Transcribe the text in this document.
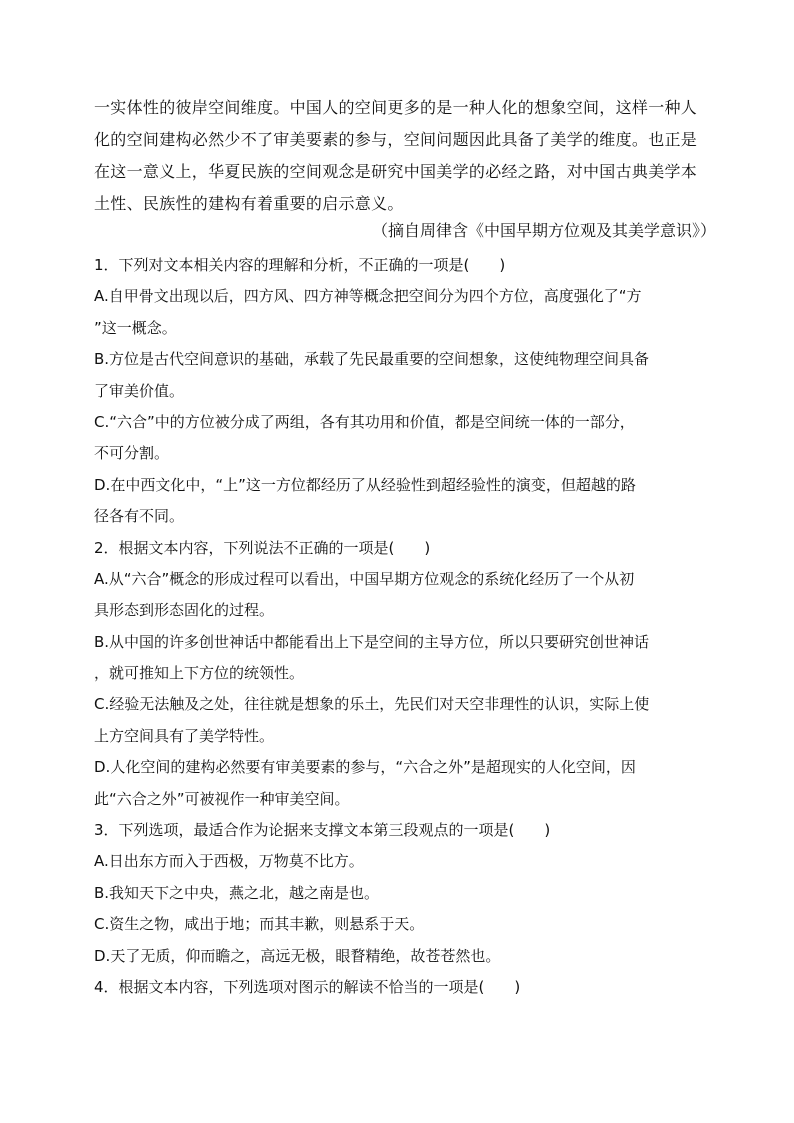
一实体性的彼岸空间维度。中国人的空间更多的是一种人化的想象空间，这样一种人
化的空间建构必然少不了审美要素的参与，空间问题因此具备了美学的维度。也正是
在这一意义上，华夏民族的空间观念是研究中国美学的必经之路，对中国古典美学本
土性、民族性的建构有着重要的启示意义。
（摘自周律含《中国早期方位观及其美学意识》）
1．下列对文本相关内容的理解和分析，不正确的一项是(　　)
A.自甲骨文出现以后，四方风、四方神等概念把空间分为四个方位，高度强化了“方
”这一概念。
B.方位是古代空间意识的基础，承载了先民最重要的空间想象，这使纯物理空间具备
了审美价值。
C.“六合”中的方位被分成了两组，各有其功用和价值，都是空间统一体的一部分，
不可分割。
D.在中西文化中，“上”这一方位都经历了从经验性到超经验性的演变，但超越的路
径各有不同。
2．根据文本内容，下列说法不正确的一项是(　　)
A.从“六合”概念的形成过程可以看出，中国早期方位观念的系统化经历了一个从初
具形态到形态固化的过程。
B.从中国的许多创世神话中都能看出上下是空间的主导方位，所以只要研究创世神话
，就可推知上下方位的统领性。
C.经验无法触及之处，往往就是想象的乐土，先民们对天空非理性的认识，实际上使
上方空间具有了美学特性。
D.人化空间的建构必然要有审美要素的参与，“六合之外”是超现实的人化空间，因
此“六合之外”可被视作一种审美空间。
3．下列选项，最适合作为论据来支撑文本第三段观点的一项是(　　)
A.日出东方而入于西极，万物莫不比方。
B.我知天下之中央，燕之北，越之南是也。
C.资生之物，咸出于地；而其丰歉，则悬系于天。
D.天了无质，仰而瞻之，高远无极，眼瞀精绝，故苍苍然也。
4．根据文本内容，下列选项对图示的解读不恰当的一项是(　　)
